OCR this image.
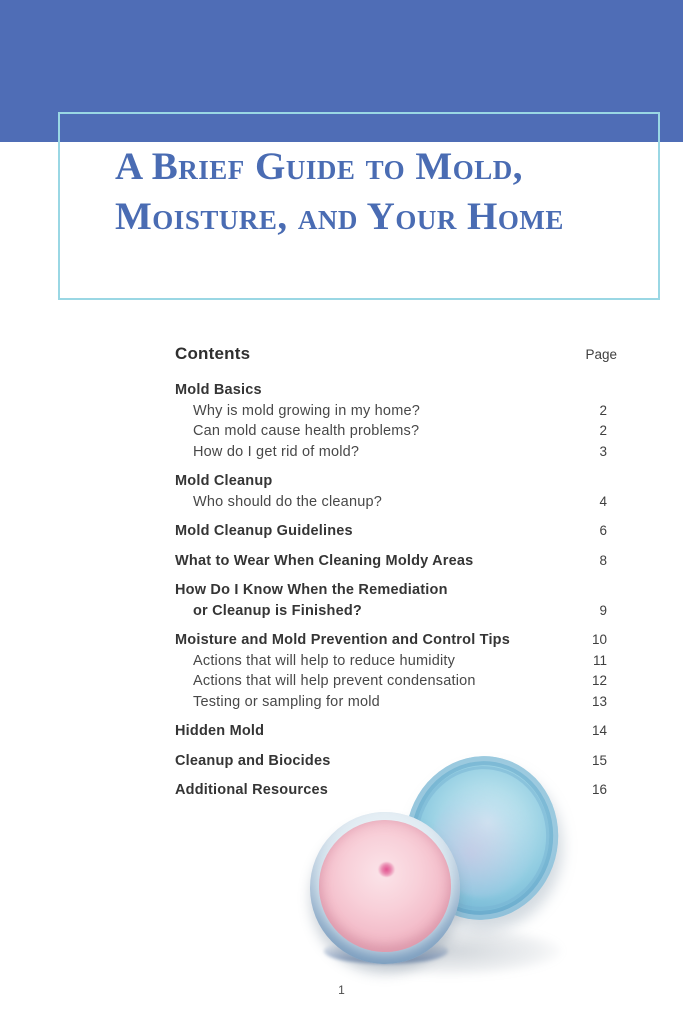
A Brief Guide to Mold,
Moisture, and Your Home
Contents	Page
Mold Basics
Why is mold growing in my home?	2
Can mold cause health problems?	2
How do I get rid of mold?	3
Mold Cleanup
Who should do the cleanup?	4
Mold Cleanup Guidelines	6
What to Wear When Cleaning Moldy Areas	8
How Do I Know When the Remediation
or Cleanup is Finished?	9
Moisture and Mold Prevention and Control Tips	10
Actions that will help to reduce humidity	11
Actions that will help prevent condensation	12
Testing or sampling for mold	13
Hidden Mold	14
Cleanup and Biocides	15
Additional Resources	16
1
